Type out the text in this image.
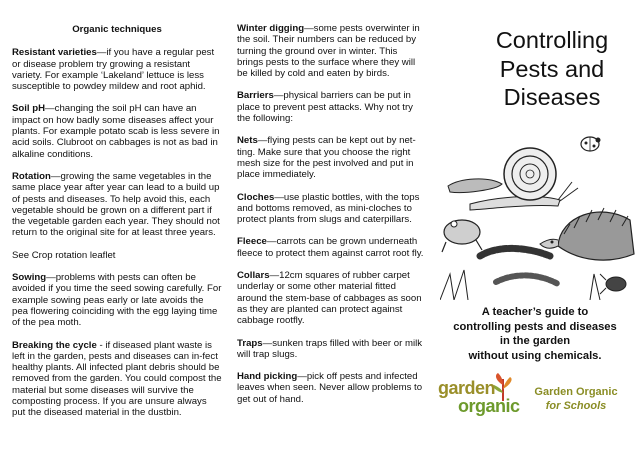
Organic techniques
Resistant varieties—if you have a regular pest or disease problem try growing a resistant variety. For example ‘Lakeland’ lettuce is less susceptible to powdey mildew and root aphid.
Soil pH—changing the soil pH can have an impact on how badly some diseases affect your plants. For example potato scab is less severe in acid soils. Clubroot on cabbages is not as bad in alkaline conditions.
Rotation—growing the same vegetables in the same place year after year can lead to a build up of pests and diseases. To help avoid this, each vegetable should be grown on a different part if the vegetable garden each year. They should not return to the original site for at least three years.
See Crop rotation leaflet
Sowing—problems with pests can often be avoided if you time the seed sowing carefully. For example sowing peas early or late avoids the pea flowering coinciding with the egg laying time of the pea moth.
Breaking the cycle - if diseased plant waste is left in the garden, pests and diseases can in-fect healthy plants. All infected plant debris should be removed from the garden. You could compost the material but some diseases will survive the composting process. If you are unsure always put the diseased material in the dustbin.
Winter digging—some pests overwinter in the soil. Their numbers can be reduced by turning the ground over in winter. This brings pests to the surface where they will be killed by cold and eaten by birds.
Barriers—physical barriers can be put in place to prevent pest attacks. Why not try the following:
Nets—flying pests can be kept out by net-ting. Make sure that you choose the right mesh size for the pest involved and put in place immediately.
Cloches—use plastic bottles, with the tops and bottoms removed, as mini-cloches to protect plants from slugs and caterpillars.
Fleece—carrots can be grown underneath fleece to protect them against carrot root fly.
Collars—12cm squares of rubber carpet underlay or some other material fitted around the stem-base of cabbages as soon as they are planted can protect against cabbage rootfly.
Traps—sunken traps filled with beer or milk will trap slugs.
Hand picking—pick off pests and infected leaves when seen. Never allow problems to get out of hand.
Controlling
Pests and
Diseases
A teacher’s guide to
controlling pests and diseases
in the garden
without using chemicals.
garden
organic
Garden Organic
for Schools
